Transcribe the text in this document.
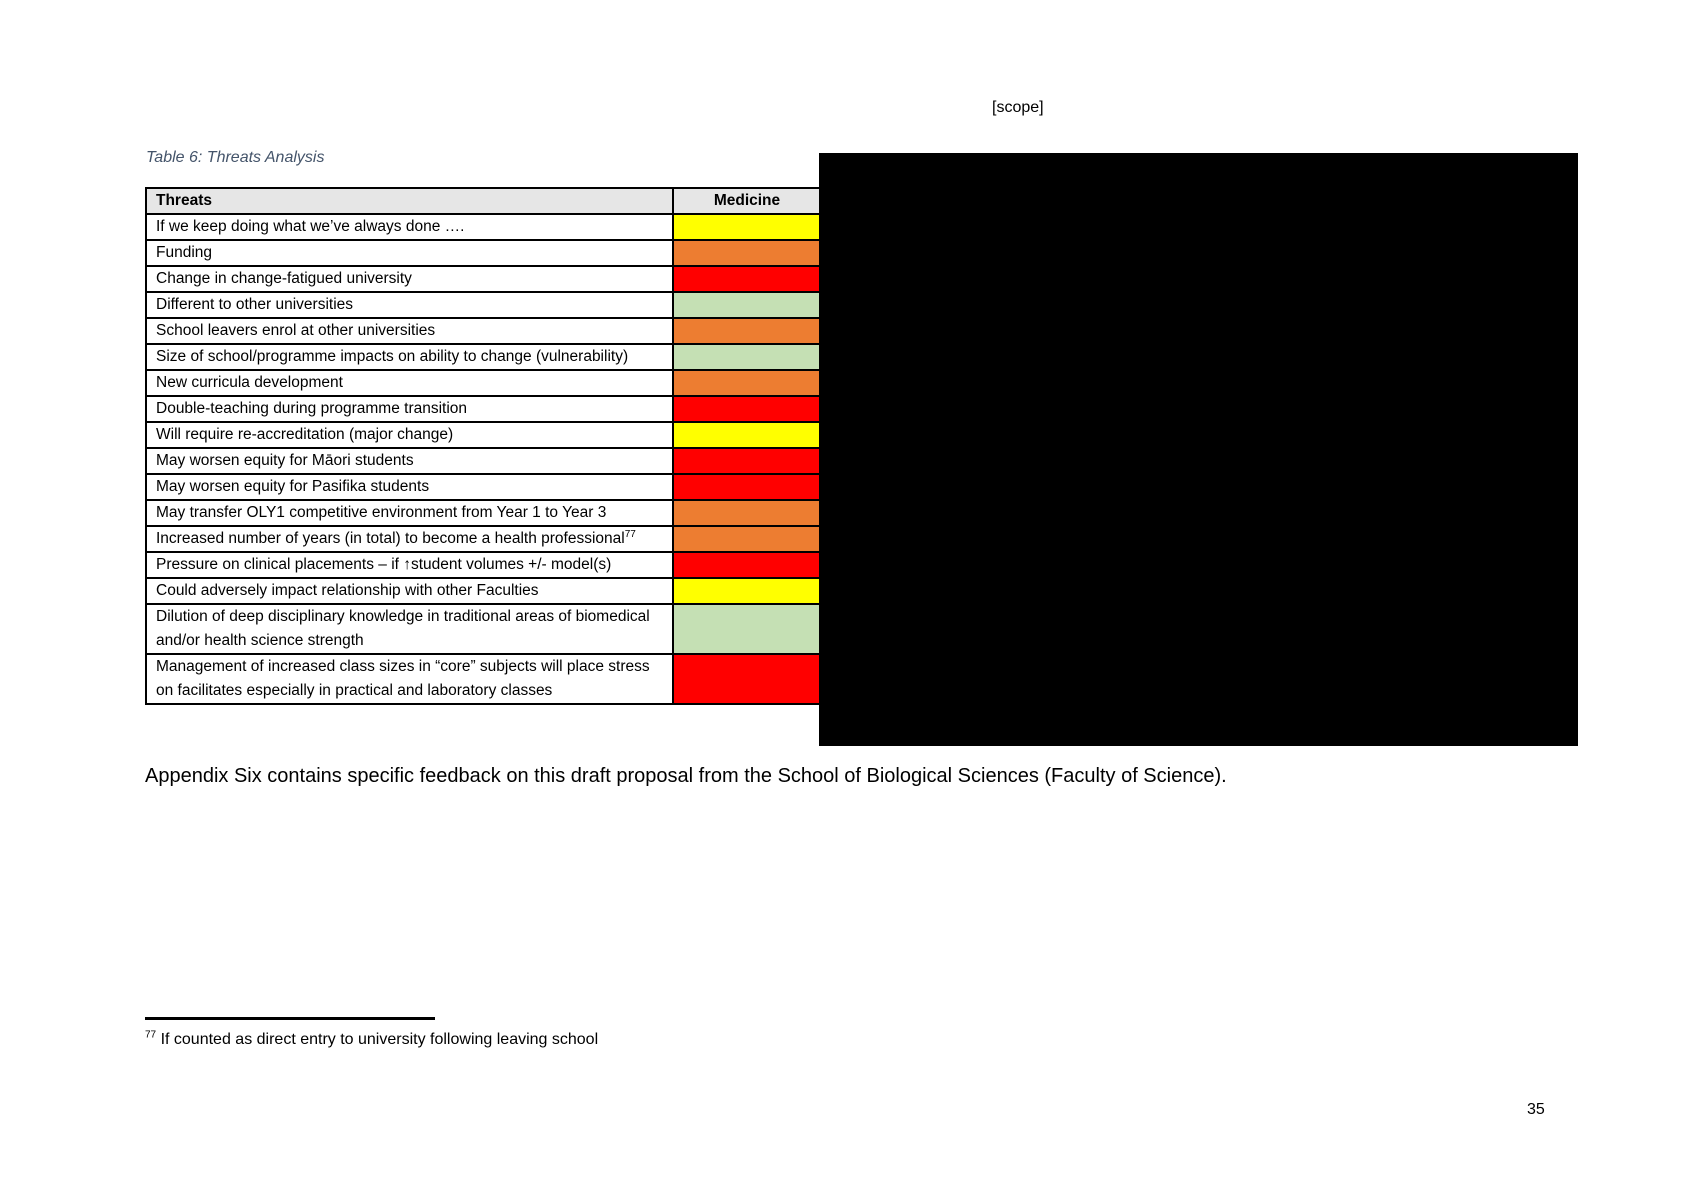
[scope]
Table 6: Threats Analysis
Threats	Medicine
If we keep doing what we’ve always done ….	
Funding	
Change in change-fatigued university	
Different to other universities	
School leavers enrol at other universities	
Size of school/programme impacts on ability to change (vulnerability)	
New curricula development	
Double-teaching during programme transition	
Will require re-accreditation (major change)	
May worsen equity for Māori students	
May worsen equity for Pasifika students	
May transfer OLY1 competitive environment from Year 1 to Year 3	
Increased number of years (in total) to become a health professional$^{77}$	
Pressure on clinical placements – if ↑student volumes +/- model(s)	
Could adversely impact relationship with other Faculties	
Dilution of deep disciplinary knowledge in traditional areas of biomedical and/or health science strength	
Management of increased class sizes in “core” subjects will place stress on facilitates especially in practical and laboratory classes	
Appendix Six contains specific feedback on this draft proposal from the School of Biological Sciences (Faculty of Science).
$^{77}$ If counted as direct entry to university following leaving school
35
